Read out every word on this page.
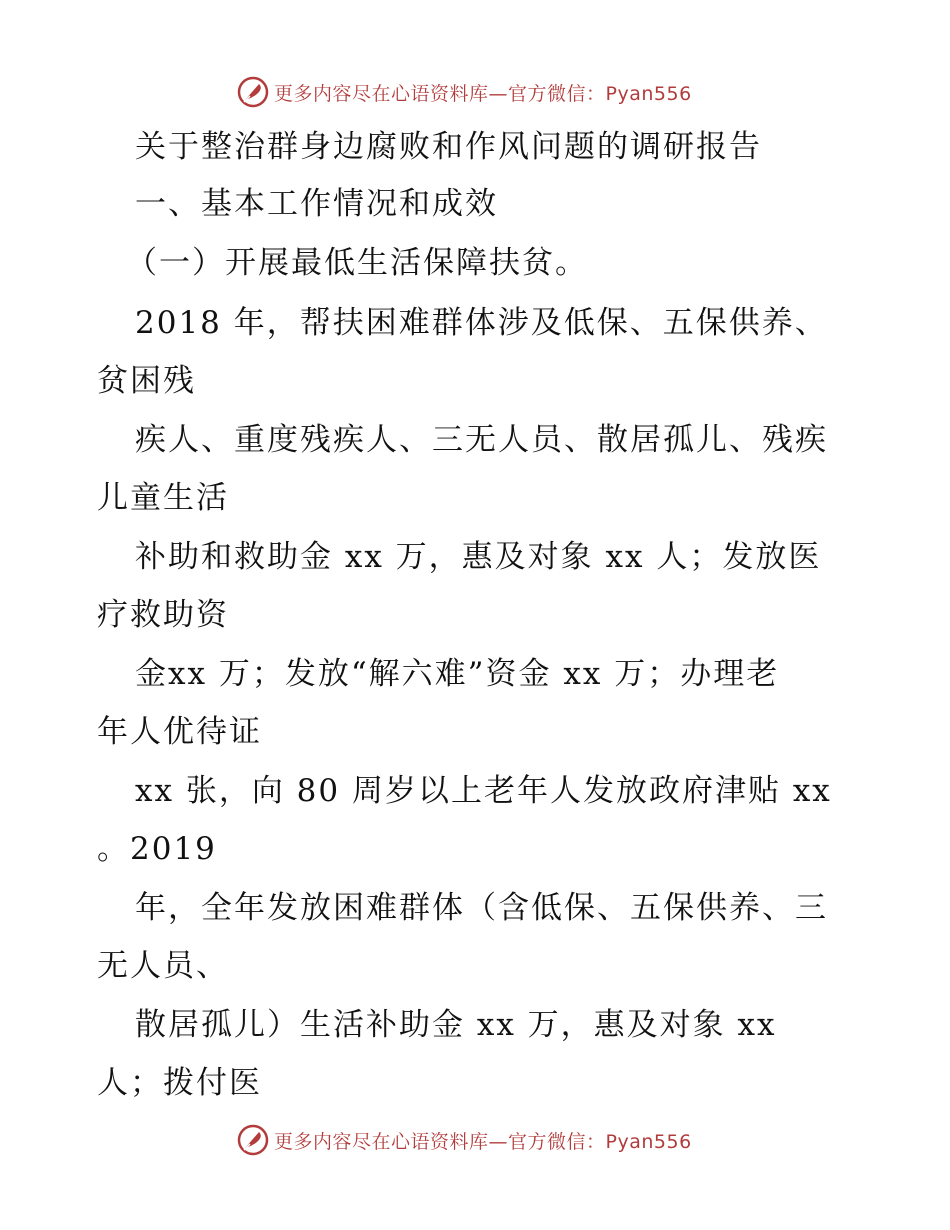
更多内容尽在心语资料库—官方微信：Pyan556
关于整治群身边腐败和作风问题的调研报告
一、基本工作情况和成效
（一）开展最低生活保障扶贫。
2018 年，帮扶困难群体涉及低保、五保供养、
贫困残
疾人、重度残疾人、三无人员、散居孤儿、残疾
儿童生活
补助和救助金 xx 万，惠及对象 xx 人；发放医
疗救助资
金xx 万；发放“解六难”资金 xx 万；办理老
年人优待证
xx 张，向 80 周岁以上老年人发放政府津贴 xx
。2019
年，全年发放困难群体（含低保、五保供养、三
无人员、
散居孤儿）生活补助金 xx 万，惠及对象 xx
人；拨付医
更多内容尽在心语资料库—官方微信：Pyan556
